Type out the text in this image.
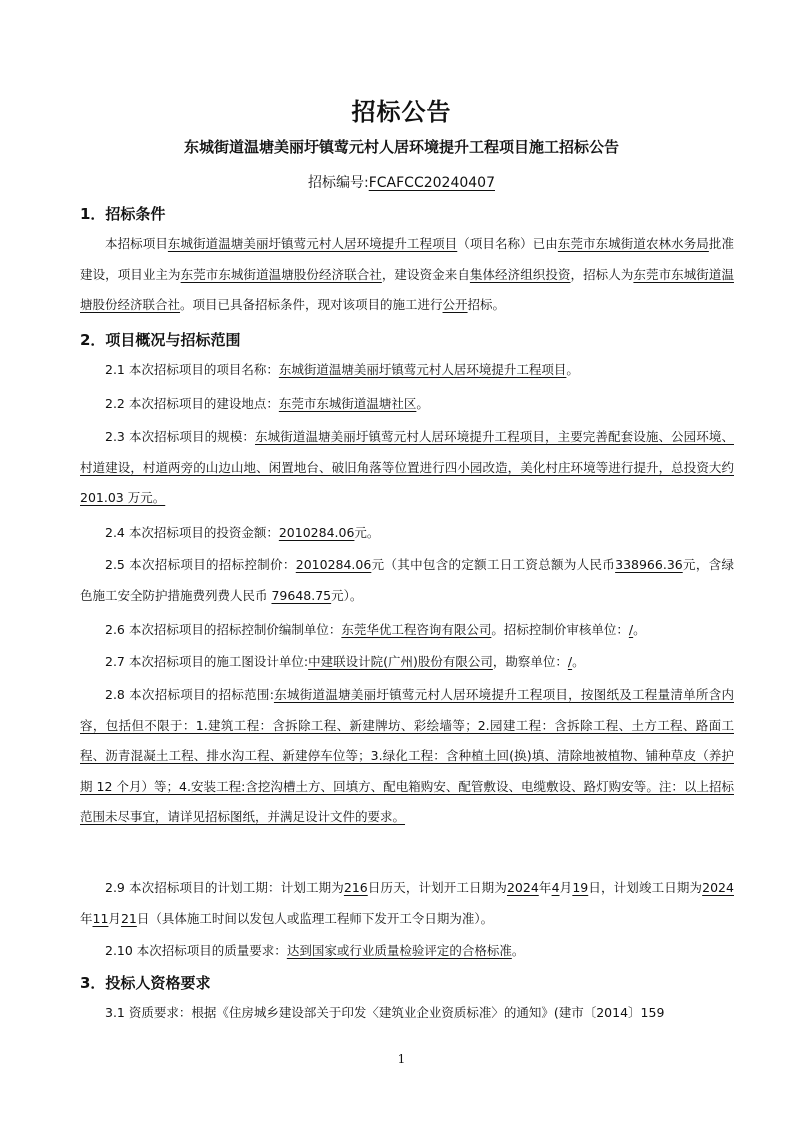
招标公告
东城街道温塘美丽圩镇莺元村人居环境提升工程项目施工招标公告
招标编号:FCAFCC20240407
1．招标条件
本招标项目东城街道温塘美丽圩镇莺元村人居环境提升工程项目（项目名称）已由东莞市东城街道农林水务局批准建设，项目业主为东莞市东城街道温塘股份经济联合社，建设资金来自集体经济组织投资，招标人为东莞市东城街道温塘股份经济联合社。项目已具备招标条件，现对该项目的施工进行公开招标。
2．项目概况与招标范围
2.1 本次招标项目的项目名称：东城街道温塘美丽圩镇莺元村人居环境提升工程项目。
2.2 本次招标项目的建设地点：东莞市东城街道温塘社区。
2.3 本次招标项目的规模：东城街道温塘美丽圩镇莺元村人居环境提升工程项目，主要完善配套设施、公园环境、村道建设，村道两旁的山边山地、闲置地台、破旧角落等位置进行四小园改造，美化村庄环境等进行提升，总投资大约 201.03 万元。
2.4 本次招标项目的投资金额：2010284.06元。
2.5 本次招标项目的招标控制价：2010284.06元（其中包含的定额工日工资总额为人民币338966.36元，含绿色施工安全防护措施费列费人民币 79648.75元）。
2.6 本次招标项目的招标控制价编制单位：东莞华优工程咨询有限公司。招标控制价审核单位：/。
2.7 本次招标项目的施工图设计单位:中建联设计院(广州)股份有限公司，勘察单位：/。
2.8 本次招标项目的招标范围:东城街道温塘美丽圩镇莺元村人居环境提升工程项目，按图纸及工程量清单所含内容，包括但不限于：1.建筑工程：含拆除工程、新建牌坊、彩绘墙等；2.园建工程：含拆除工程、土方工程、路面工程、沥青混凝土工程、排水沟工程、新建停车位等；3.绿化工程：含种植土回(换)填、清除地被植物、铺种草皮（养护期 12 个月）等；4.安装工程:含挖沟槽土方、回填方、配电箱购安、配管敷设、电缆敷设、路灯购安等。注：以上招标范围未尽事宜，请详见招标图纸，并满足设计文件的要求。
2.9 本次招标项目的计划工期：计划工期为216日历天，计划开工日期为2024年4月19日，计划竣工日期为2024年11月21日（具体施工时间以发包人或监理工程师下发开工令日期为准）。
2.10 本次招标项目的质量要求：达到国家或行业质量检验评定的合格标准。
3．投标人资格要求
3.1 资质要求：根据《住房城乡建设部关于印发〈建筑业企业资质标准〉的通知》(建市〔2014〕159
1
